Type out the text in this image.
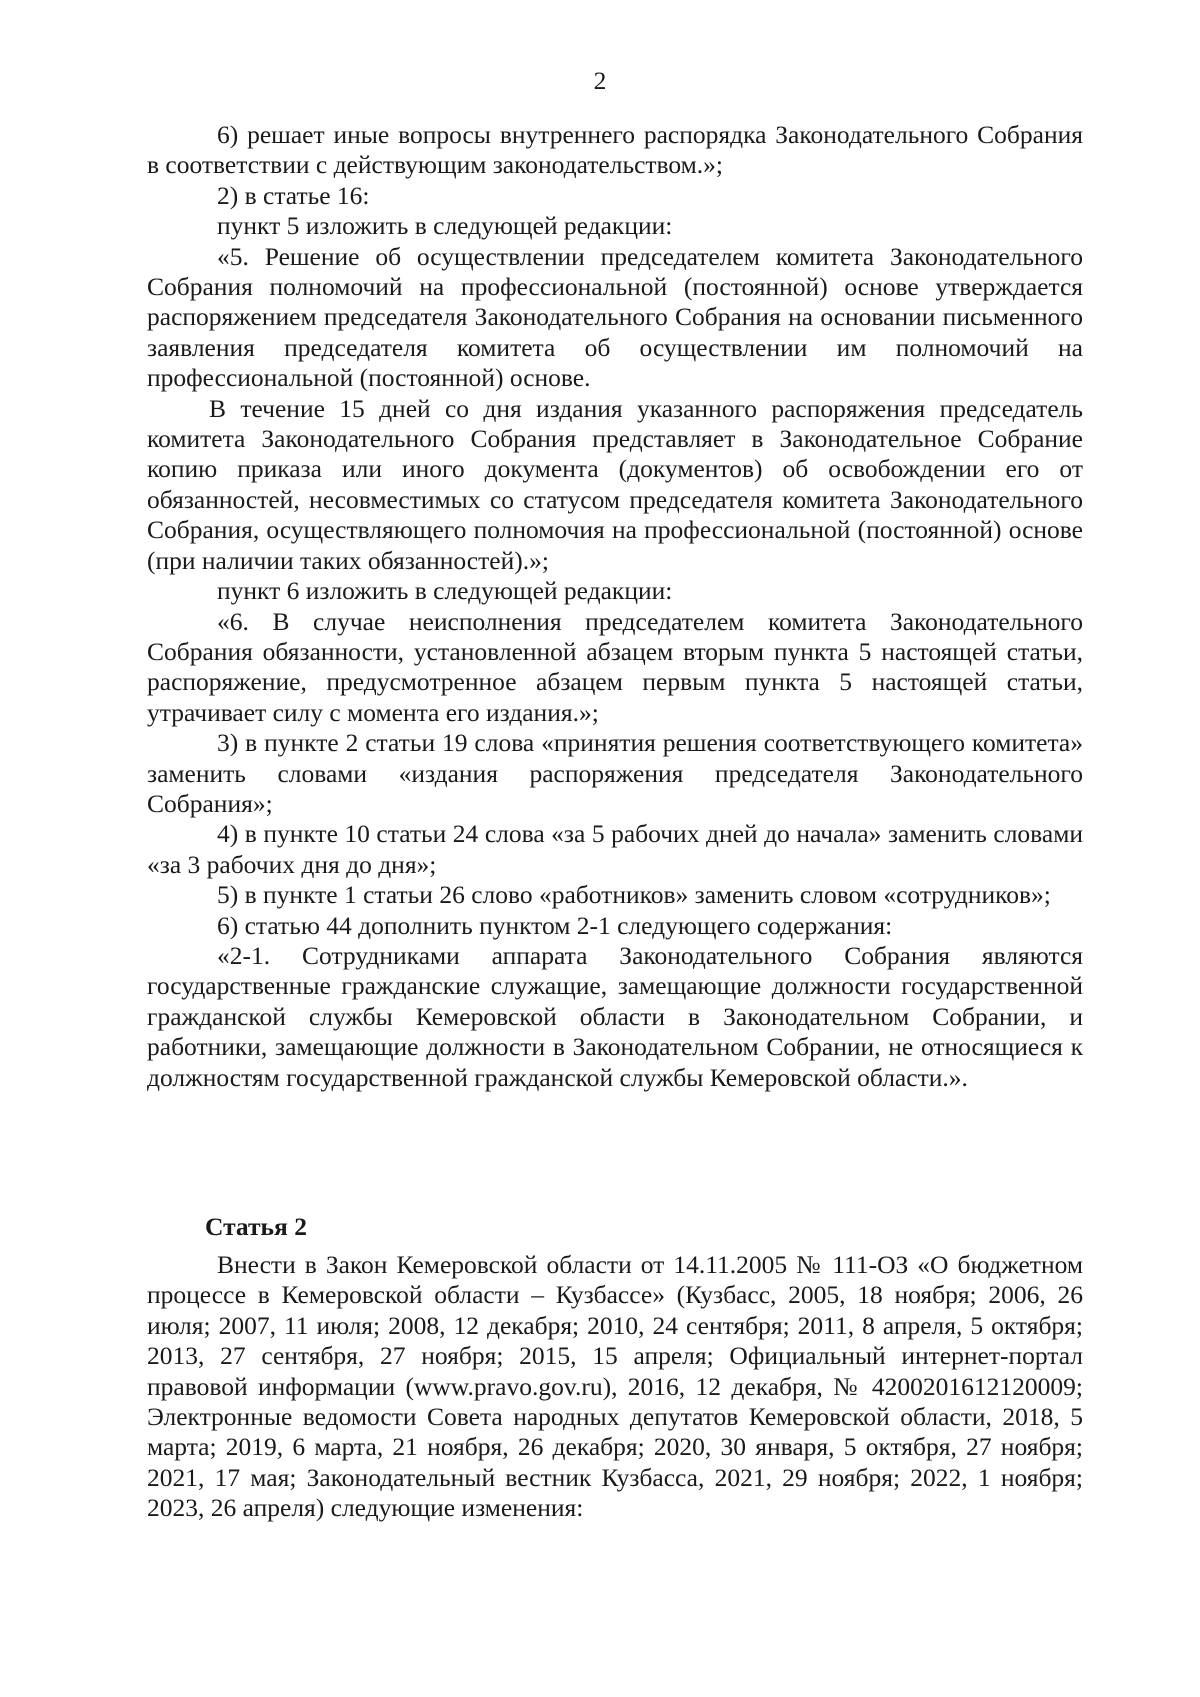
2

6) решает иные вопросы внутреннего распорядка Законодательного Собрания в соответствии с действующим законодательством.»;

2) в статье 16:

пункт 5 изложить в следующей редакции:

«5. Решение об осуществлении председателем комитета Законодательного Собрания полномочий на профессиональной (постоянной) основе утверждается распоряжением председателя Законодательного Собрания на основании письменного заявления председателя комитета об осуществлении им полномочий на профессиональной (постоянной) основе.

В течение 15 дней со дня издания указанного распоряжения председатель комитета Законодательного Собрания представляет в Законодательное Собрание копию приказа или иного документа (документов) об освобождении его от обязанностей, несовместимых со статусом председателя комитета Законодательного Собрания, осуществляющего полномочия на профессиональной (постоянной) основе (при наличии таких обязанностей).»;

пункт 6 изложить в следующей редакции:

«6. В случае неисполнения председателем комитета Законодательного Собрания обязанности, установленной абзацем вторым пункта 5 настоящей статьи, распоряжение, предусмотренное абзацем первым пункта 5 настоящей статьи, утрачивает силу с момента его издания.»;

3) в пункте 2 статьи 19 слова «принятия решения соответствующего комитета» заменить словами «издания распоряжения председателя Законодательного Собрания»;

4) в пункте 10 статьи 24 слова «за 5 рабочих дней до начала» заменить словами «за 3 рабочих дня до дня»;

5) в пункте 1 статьи 26 слово «работников» заменить словом «сотрудников»;

6) статью 44 дополнить пунктом 2-1 следующего содержания:

«2-1. Сотрудниками аппарата Законодательного Собрания являются государственные гражданские служащие, замещающие должности государственной гражданской службы Кемеровской области в Законодательном Собрании, и работники, замещающие должности в Законодательном Собрании, не относящиеся к должностям государственной гражданской службы Кемеровской области.».

Статья 2

Внести в Закон Кемеровской области от 14.11.2005 № 111-ОЗ «О бюджетном процессе в Кемеровской области – Кузбассе» (Кузбасс, 2005, 18 ноября; 2006, 26 июля; 2007, 11 июля; 2008, 12 декабря; 2010, 24 сентября; 2011, 8 апреля, 5 октября; 2013, 27 сентября, 27 ноября; 2015, 15 апреля; Официальный интернет-портал правовой информации (www.pravo.gov.ru), 2016, 12 декабря, № 4200201612120009; Электронные ведомости Совета народных депутатов Кемеровской области, 2018, 5 марта; 2019, 6 марта, 21 ноября, 26 декабря; 2020, 30 января, 5 октября, 27 ноября; 2021, 17 мая; Законодательный вестник Кузбасса, 2021, 29 ноября; 2022, 1 ноября; 2023, 26 апреля) следующие изменения:
